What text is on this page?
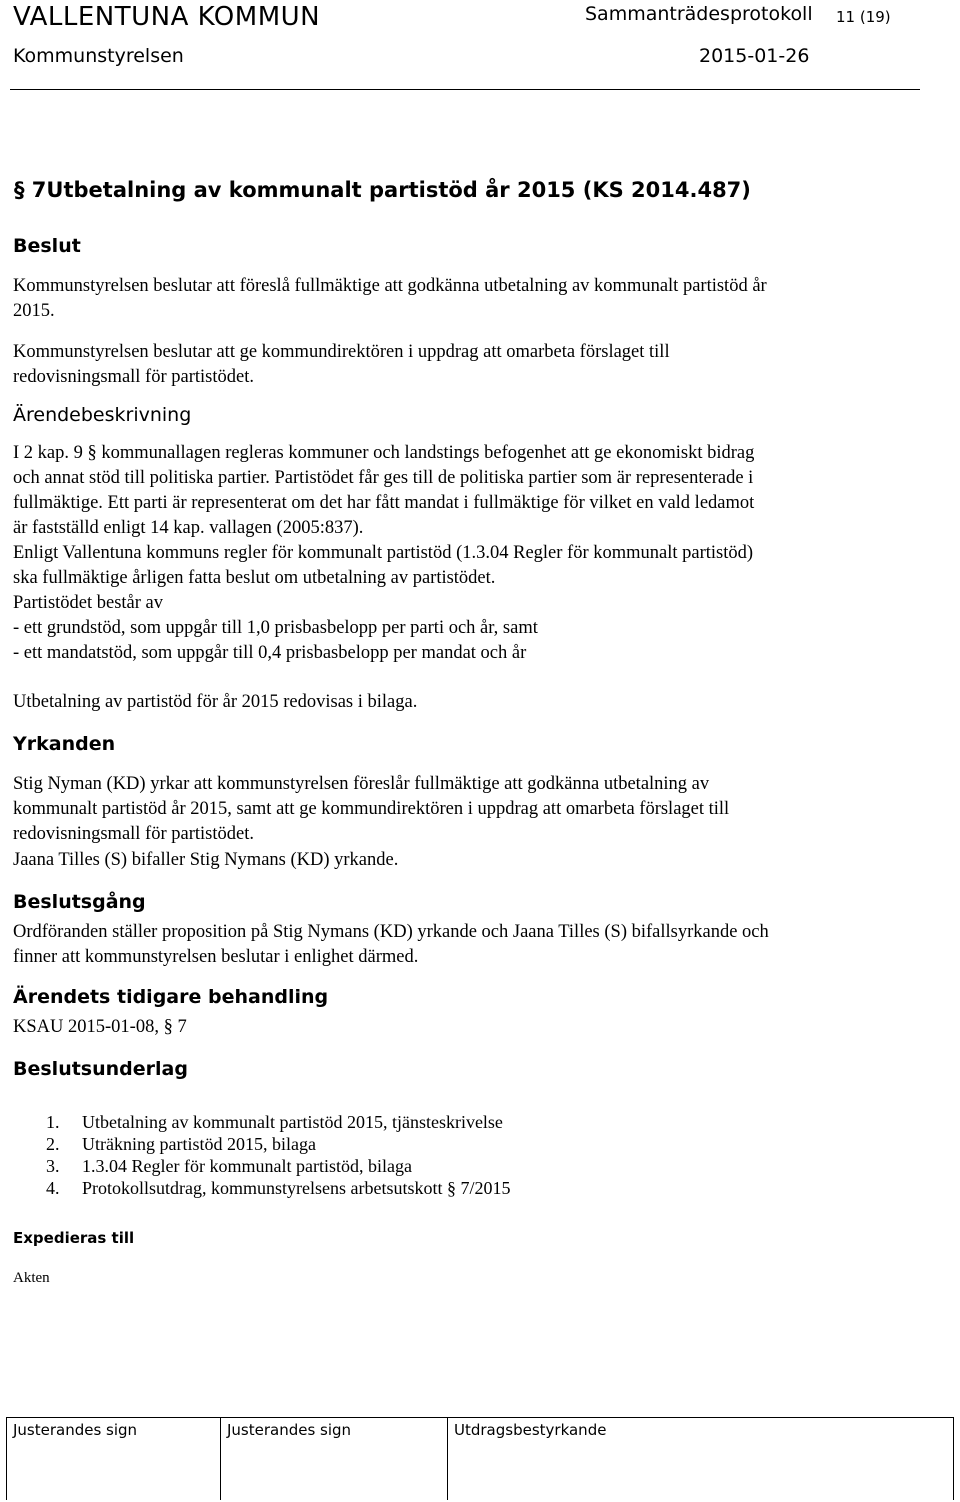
VALLENTUNA KOMMUN	Sammanträdesprotokoll 11 (19)
Kommunstyrelsen	2015-01-26
§ 7Utbetalning av kommunalt partistöd år 2015 (KS 2014.487)
Beslut
Kommunstyrelsen beslutar att föreslå fullmäktige att godkänna utbetalning av kommunalt partistöd år
2015.
Kommunstyrelsen beslutar att ge kommundirektören i uppdrag att omarbeta förslaget till
redovisningsmall för partistödet.
Ärendebeskrivning
I 2 kap. 9 § kommunallagen regleras kommuner och landstings befogenhet att ge ekonomiskt bidrag
och annat stöd till politiska partier. Partistödet får ges till de politiska partier som är representerade i
fullmäktige. Ett parti är representerat om det har fått mandat i fullmäktige för vilket en vald ledamot
är fastställd enligt 14 kap. vallagen (2005:837).
Enligt Vallentuna kommuns regler för kommunalt partistöd (1.3.04 Regler för kommunalt partistöd)
ska fullmäktige årligen fatta beslut om utbetalning av partistödet.
Partistödet består av
- ett grundstöd, som uppgår till 1,0 prisbasbelopp per parti och år, samt
- ett mandatstöd, som uppgår till 0,4 prisbasbelopp per mandat och år
Utbetalning av partistöd för år 2015 redovisas i bilaga.
Yrkanden
Stig Nyman (KD) yrkar att kommunstyrelsen föreslår fullmäktige att godkänna utbetalning av
kommunalt partistöd år 2015, samt att ge kommundirektören i uppdrag att omarbeta förslaget till
redovisningsmall för partistödet.
Jaana Tilles (S) bifaller Stig Nymans (KD) yrkande.
Beslutsgång
Ordföranden ställer proposition på Stig Nymans (KD) yrkande och Jaana Tilles (S) bifallsyrkande och
finner att kommunstyrelsen beslutar i enlighet därmed.
Ärendets tidigare behandling
KSAU 2015-01-08, § 7
Beslutsunderlag
1. Utbetalning av kommunalt partistöd 2015, tjänsteskrivelse
2. Uträkning partistöd 2015, bilaga
3. 1.3.04 Regler för kommunalt partistöd, bilaga
4. Protokollsutdrag, kommunstyrelsens arbetsutskott § 7/2015
Expedieras till
Akten
Justerandes sign	Justerandes sign	Utdragsbestyrkande
